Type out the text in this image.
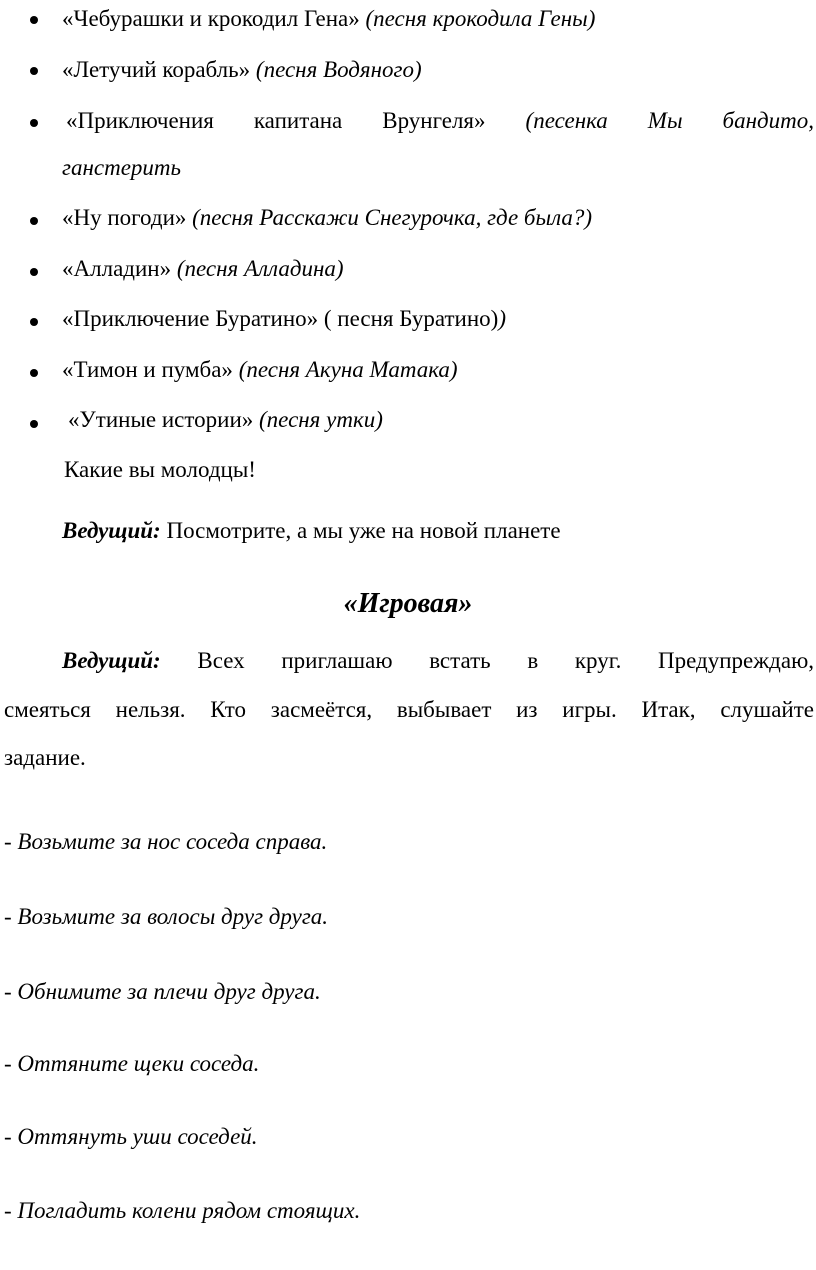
«Чебурашки и крокодил Гена» (песня крокодила Гены)
«Летучий корабль» (песня Водяного)
«Приключения капитана Врунгеля» (песенка Мы бандито,
ганстерить
«Ну погоди» (песня Расскажи Снегурочка, где была?)
«Алладин» (песня Алладина)
«Приключение Буратино» ( песня Буратино))
«Тимон и пумба» (песня Акуна Матака)
«Утиные истории» (песня утки)
Какие вы молодцы!
Ведущий: Посмотрите, а мы уже на новой планете
«Игровая»
Ведущий: Всех приглашаю встать в круг. Предупреждаю,
смеяться нельзя. Кто засмеётся, выбывает из игры. Итак, слушайте
задание.
- Возьмите за нос соседа справа.
- Возьмите за волосы друг друга.
- Обнимите за плечи друг друга.
- Оттяните щеки соседа.
- Оттянуть уши соседей.
- Погладить колени рядом стоящих.
